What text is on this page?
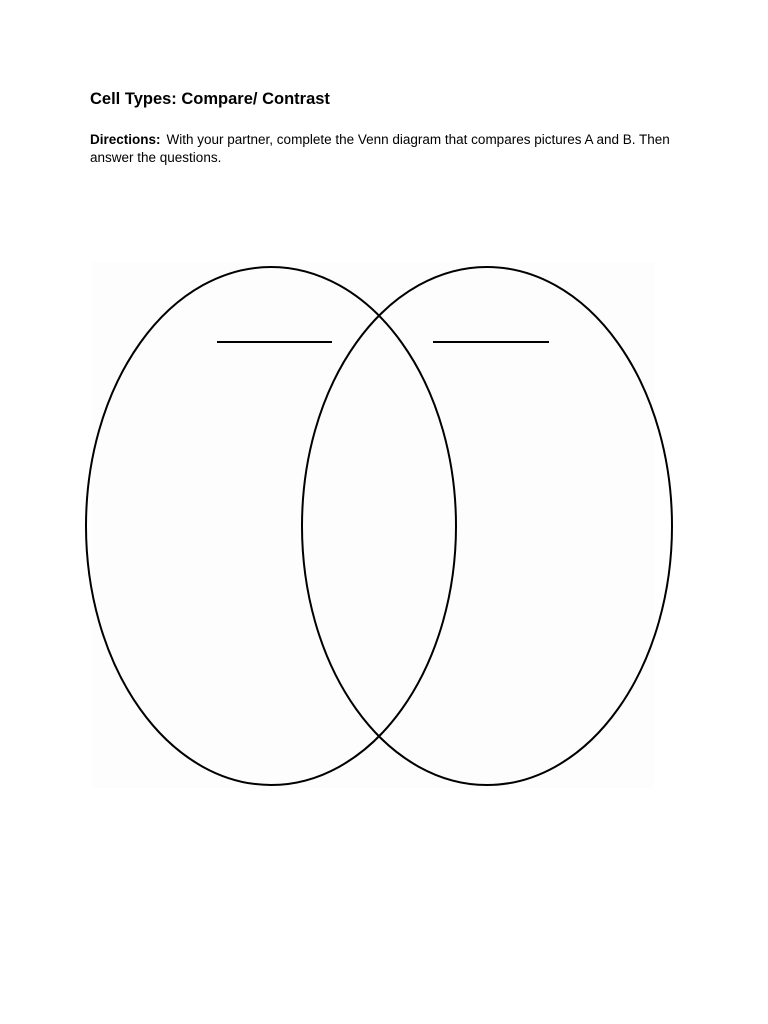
Cell Types: Compare/ Contrast

Directions: With your partner, complete the Venn diagram that compares pictures A and B. Then answer the questions.
